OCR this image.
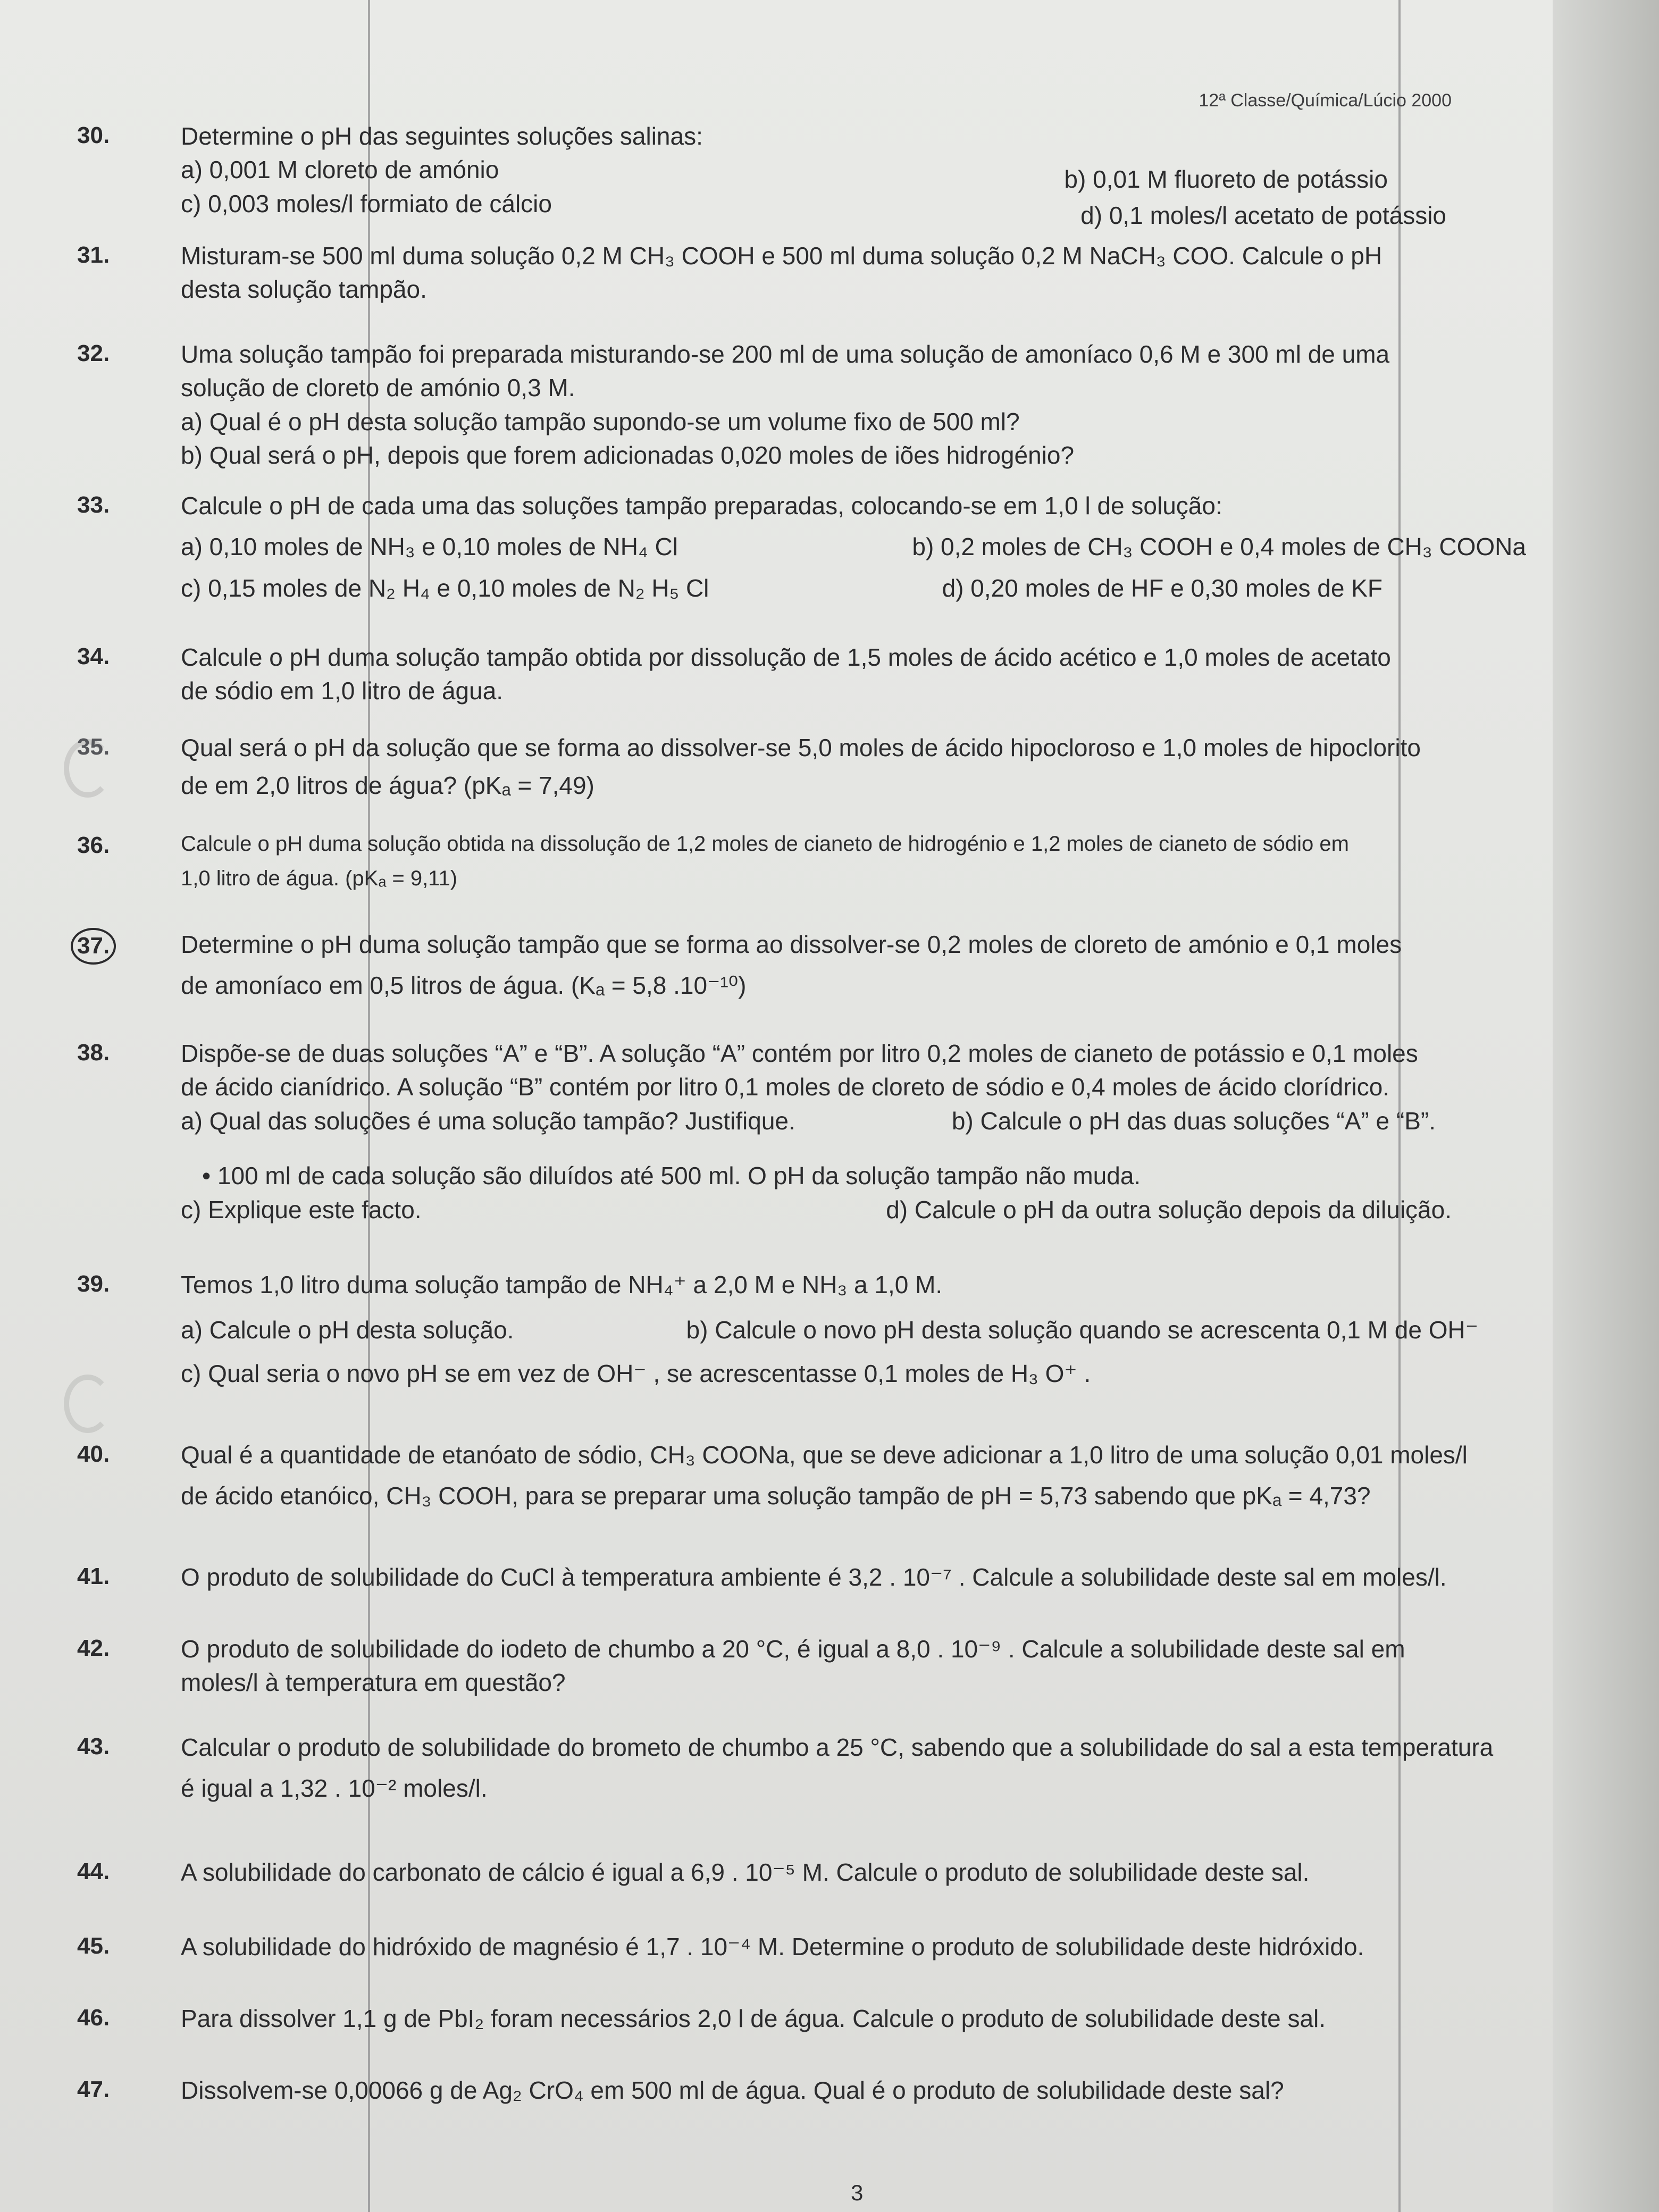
12ª Classe/Química/Lúcio 2000
30.	Determine o pH das seguintes soluções salinas:
a) 0,001 M cloreto de amónio	b) 0,01 M fluoreto de potássio
c) 0,003 moles/l formiato de cálcio	d) 0,1 moles/l acetato de potássio
31.	Misturam-se 500 ml duma solução 0,2 M CH₃ COOH e 500 ml duma solução 0,2 M NaCH₃ COO. Calcule o pH
desta solução tampão.
32.	Uma solução tampão foi preparada misturando-se 200 ml de uma solução de amoníaco 0,6 M e 300 ml de uma
solução de cloreto de amónio 0,3 M.
a) Qual é o pH desta solução tampão supondo-se um volume fixo de 500 ml?
b) Qual será o pH, depois que forem adicionadas 0,020 moles de iões hidrogénio?
33.	Calcule o pH de cada uma das soluções tampão preparadas, colocando-se em 1,0 l de solução:
a) 0,10 moles de NH₃ e 0,10 moles de NH₄ Cl	b) 0,2 moles de CH₃ COOH e 0,4 moles de CH₃ COONa
c) 0,15 moles de N₂ H₄ e 0,10 moles de N₂ H₅ Cl	d) 0,20 moles de HF e 0,30 moles de KF
34.	Calcule o pH duma solução tampão obtida por dissolução de 1,5 moles de ácido acético e 1,0 moles de acetato
de sódio em 1,0 litro de água.
35.	Qual será o pH da solução que se forma ao dissolver-se 5,0 moles de ácido hipocloroso e 1,0 moles de hipoclorito
de em 2,0 litros de água? (pKₐ = 7,49)
36.	Calcule o pH duma solução obtida na dissolução de 1,2 moles de cianeto de hidrogénio e 1,2 moles de cianeto de sódio em
1,0 litro de água. (pKₐ = 9,11)
37.	Determine o pH duma solução tampão que se forma ao dissolver-se 0,2 moles de cloreto de amónio e 0,1 moles
de amoníaco em 0,5 litros de água. (Kₐ = 5,8 .10⁻¹⁰)
38.	Dispõe-se de duas soluções “A” e “B”. A solução “A” contém por litro 0,2 moles de cianeto de potássio e 0,1 moles
de ácido cianídrico. A solução “B” contém por litro 0,1 moles de cloreto de sódio e 0,4 moles de ácido clorídrico.
a) Qual das soluções é uma solução tampão? Justifique.	b) Calcule o pH das duas soluções “A” e “B”.
• 100 ml de cada solução são diluídos até 500 ml. O pH da solução tampão não muda.
c) Explique este facto.	d) Calcule o pH da outra solução depois da diluição.
39.	Temos 1,0 litro duma solução tampão de NH₄⁺ a 2,0 M e NH₃ a 1,0 M.
a) Calcule o pH desta solução.	b) Calcule o novo pH desta solução quando se acrescenta 0,1 M de OH⁻
c) Qual seria o novo pH se em vez de OH⁻ , se acrescentasse 0,1 moles de H₃ O⁺ .
40.	Qual é a quantidade de etanóato de sódio, CH₃ COONa, que se deve adicionar a 1,0 litro de uma solução 0,01 moles/l
de ácido etanóico, CH₃ COOH, para se preparar uma solução tampão de pH = 5,73 sabendo que pKₐ = 4,73?
41.	O produto de solubilidade do CuCl à temperatura ambiente é 3,2 . 10⁻⁷ . Calcule a solubilidade deste sal em moles/l.
42.	O produto de solubilidade do iodeto de chumbo a 20 °C, é igual a 8,0 . 10⁻⁹ . Calcule a solubilidade deste sal em
moles/l à temperatura em questão?
43.	Calcular o produto de solubilidade do brometo de chumbo a 25 °C, sabendo que a solubilidade do sal a esta temperatura
é igual a 1,32 . 10⁻² moles/l.
44.	A solubilidade do carbonato de cálcio é igual a 6,9 . 10⁻⁵ M. Calcule o produto de solubilidade deste sal.
45.	A solubilidade do hidróxido de magnésio é 1,7 . 10⁻⁴ M. Determine o produto de solubilidade deste hidróxido.
46.	Para dissolver 1,1 g de PbI₂ foram necessários 2,0 l de água. Calcule o produto de solubilidade deste sal.
47.	Dissolvem-se 0,00066 g de Ag₂ CrO₄ em 500 ml de água. Qual é o produto de solubilidade deste sal?
3
